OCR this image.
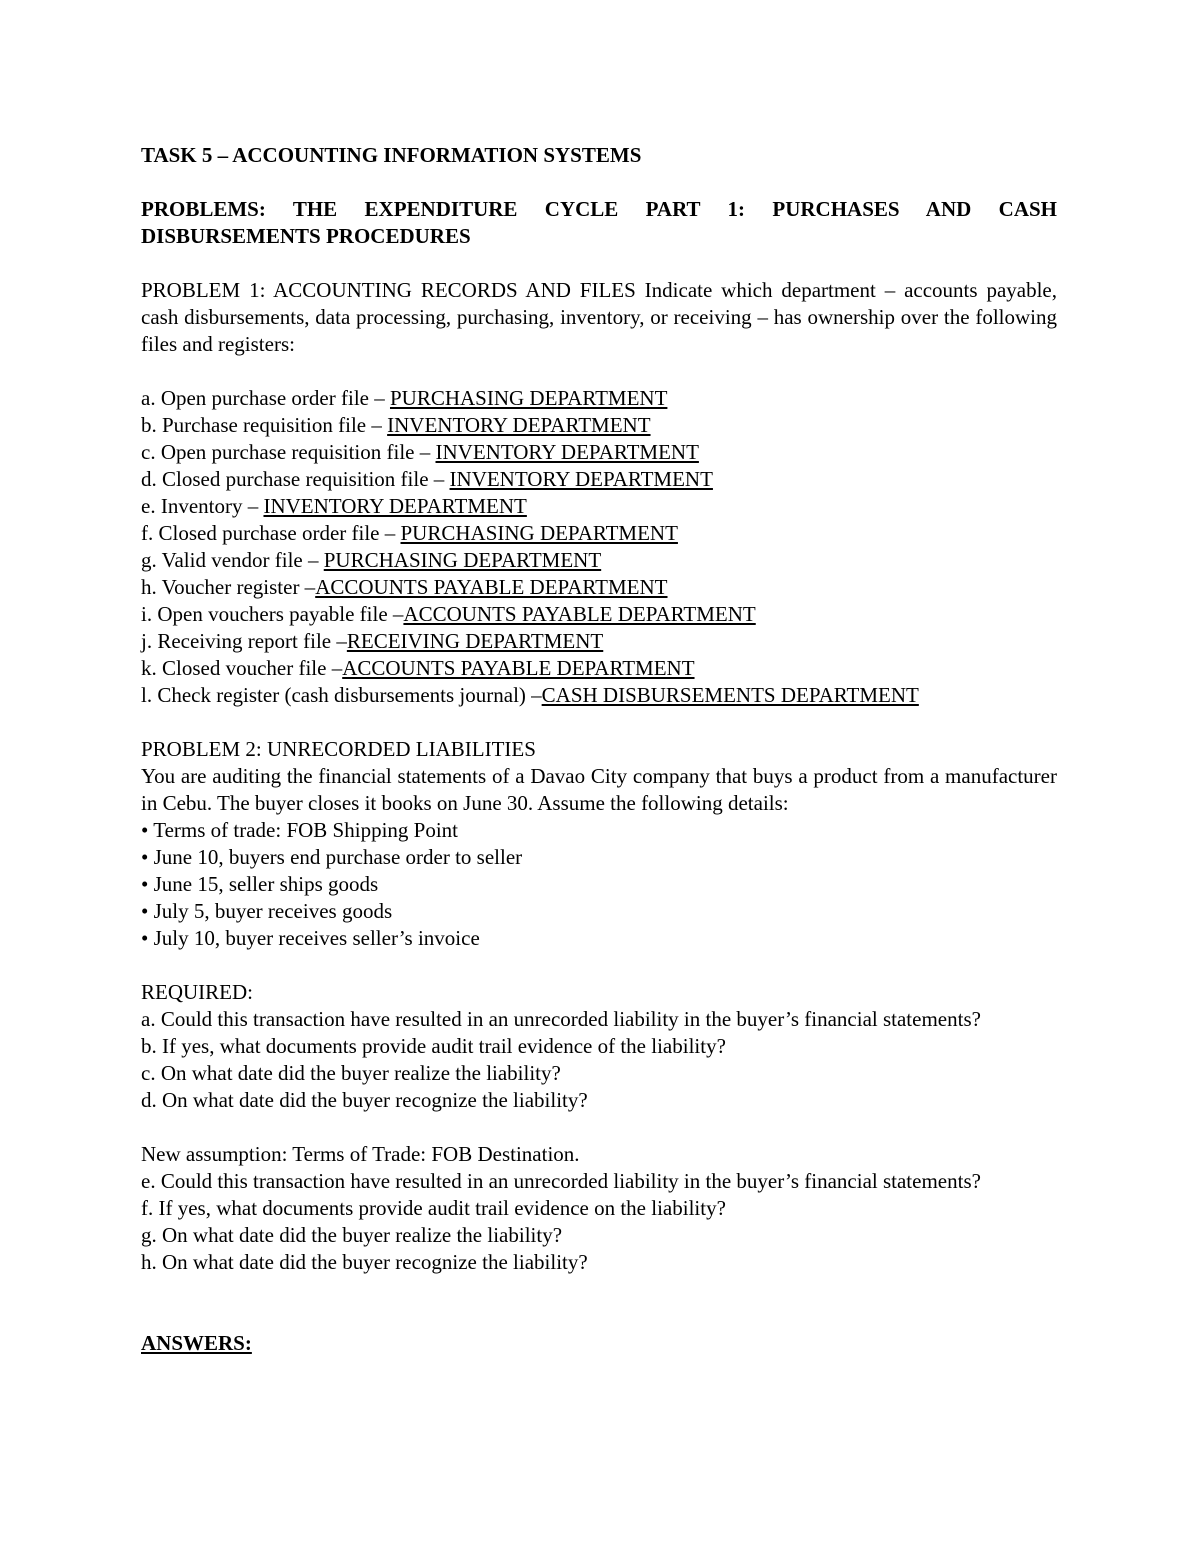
TASK 5 – ACCOUNTING INFORMATION SYSTEMS

PROBLEMS: THE EXPENDITURE CYCLE PART 1: PURCHASES AND CASH DISBURSEMENTS PROCEDURES

PROBLEM 1: ACCOUNTING RECORDS AND FILES Indicate which department – accounts payable, cash disbursements, data processing, purchasing, inventory, or receiving – has ownership over the following files and registers:

a. Open purchase order file – PURCHASING DEPARTMENT

b. Purchase requisition file – INVENTORY DEPARTMENT

c. Open purchase requisition file – INVENTORY DEPARTMENT

d. Closed purchase requisition file – INVENTORY DEPARTMENT

e. Inventory – INVENTORY DEPARTMENT

f. Closed purchase order file – PURCHASING DEPARTMENT

g. Valid vendor file – PURCHASING DEPARTMENT

h. Voucher register –ACCOUNTS PAYABLE DEPARTMENT

i. Open vouchers payable file –ACCOUNTS PAYABLE DEPARTMENT

j. Receiving report file –RECEIVING DEPARTMENT

k. Closed voucher file –ACCOUNTS PAYABLE DEPARTMENT

l. Check register (cash disbursements journal) –CASH DISBURSEMENTS DEPARTMENT

PROBLEM 2: UNRECORDED LIABILITIES

You are auditing the financial statements of a Davao City company that buys a product from a manufacturer in Cebu. The buyer closes it books on June 30. Assume the following details:

• Terms of trade: FOB Shipping Point

• June 10, buyers end purchase order to seller

• June 15, seller ships goods

• July 5, buyer receives goods

• July 10, buyer receives seller’s invoice

REQUIRED:

a. Could this transaction have resulted in an unrecorded liability in the buyer’s financial statements?

b. If yes, what documents provide audit trail evidence of the liability?

c. On what date did the buyer realize the liability?

d. On what date did the buyer recognize the liability?

New assumption: Terms of Trade: FOB Destination.

e. Could this transaction have resulted in an unrecorded liability in the buyer’s financial statements?

f. If yes, what documents provide audit trail evidence on the liability?

g. On what date did the buyer realize the liability?

h. On what date did the buyer recognize the liability?

ANSWERS:
